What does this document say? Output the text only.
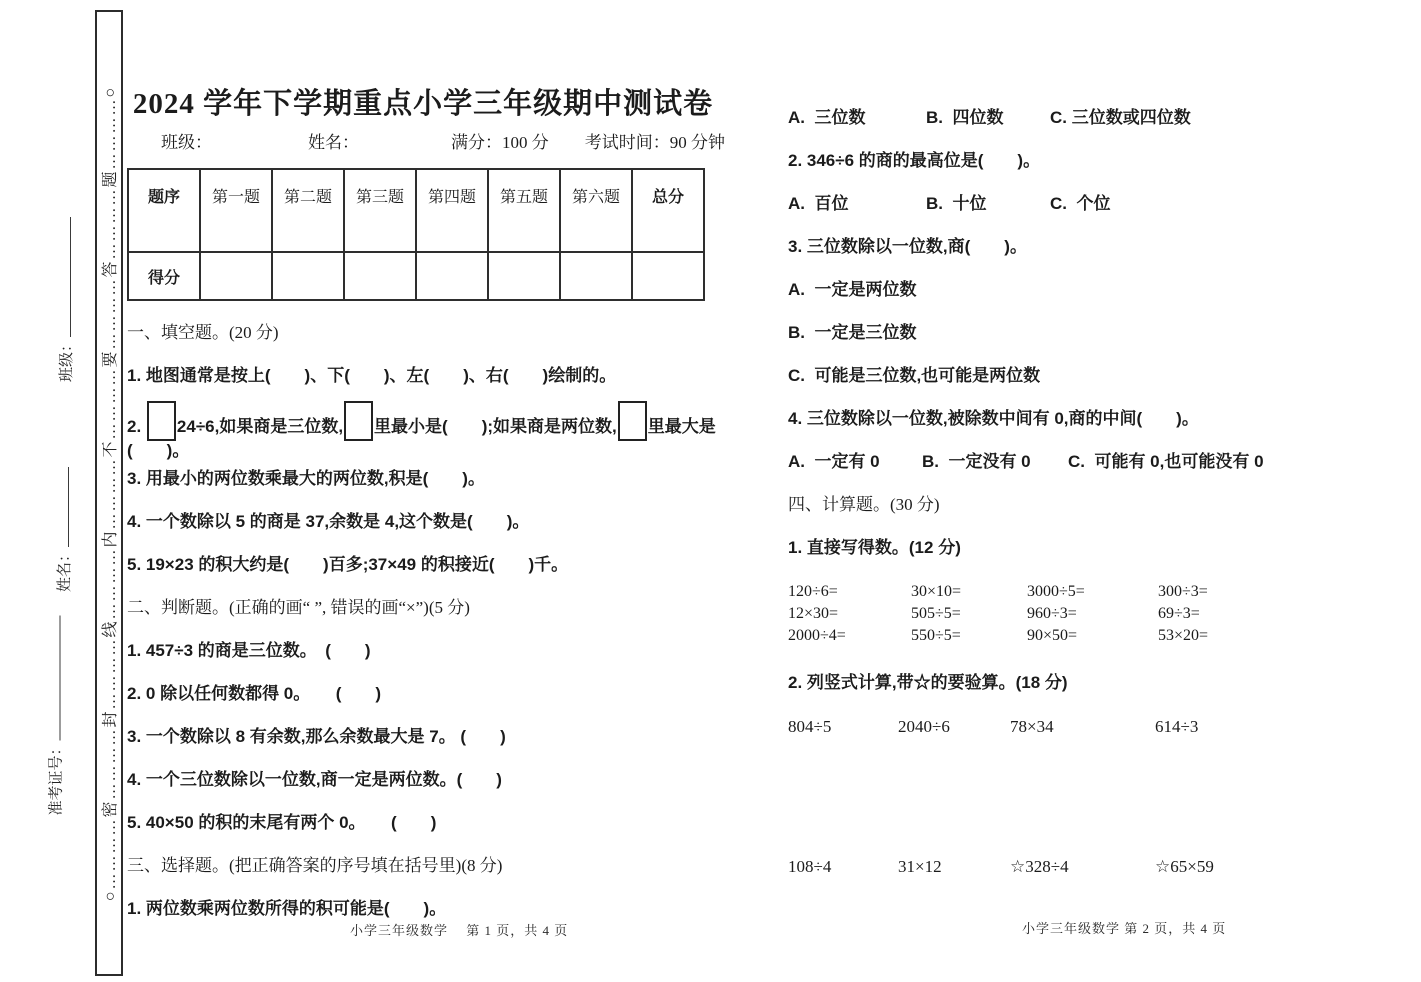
○…………密…………封…………线…………内…………不…………要…………答…………题…………○
班级：
姓名：
准考证号：
2024 学年下学期重点小学三年级期中测试卷
班级：	姓名：	满分：100 分 考试时间：90 分钟
题序	第一题	第二题	第三题	第四题	第五题	第六题	总分
得分							
一、填空题。(20 分)
1. 地图通常是按上(　　)、下(　　)、左(　　)、右(　　)绘制的。
2. 24÷6,如果商是三位数, 里最小是(　　);如果商是两位数, 里最大是(　　)。
3. 用最小的两位数乘最大的两位数,积是(　　)。
4. 一个数除以 5 的商是 37,余数是 4,这个数是(　　)。
5. 19×23 的积大约是(　　)百多;37×49 的积接近(　　)千。
二、判断题。(正确的画“ ”, 错误的画“×”)(5 分)
1. 457÷3 的商是三位数。　(　　)
2. 0 除以任何数都得 0。　　(　　)
3. 一个数除以 8 有余数,那么余数最大是 7。 (　　)
4. 一个三位数除以一位数,商一定是两位数。(　　)
5. 40×50 的积的末尾有两个 0。　　(　　)
三、选择题。(把正确答案的序号填在括号里)(8 分)
1. 两位数乘两位数所得的积可能是(　　)。
A.  三位数	B.  四位数	C. 三位数或四位数
2. 346÷6 的商的最高位是(　　)。
A.  百位	B.  十位	C.  个位
3. 三位数除以一位数,商(　　)。
A.  一定是两位数
B.  一定是三位数
C.  可能是三位数,也可能是两位数
4. 三位数除以一位数,被除数中间有 0,商的中间(　　)。
A.  一定有 0	B.  一定没有 0	C.  可能有 0,也可能没有 0
四、计算题。(30 分)
1. 直接写得数。(12 分)
120÷6=	30×10=	3000÷5=	300÷3=
12×30=	505÷5=	960÷3=	69÷3=
2000÷4=	550÷5=	90×50=	53×20=
2. 列竖式计算,带☆的要验算。(18 分)
804÷5	2040÷6	78×34	614÷3
108÷4	31×12	☆328÷4	☆65×59
小学三年级数学　 第 1 页，共 4 页	小学三年级数学 第 2 页，共 4 页
